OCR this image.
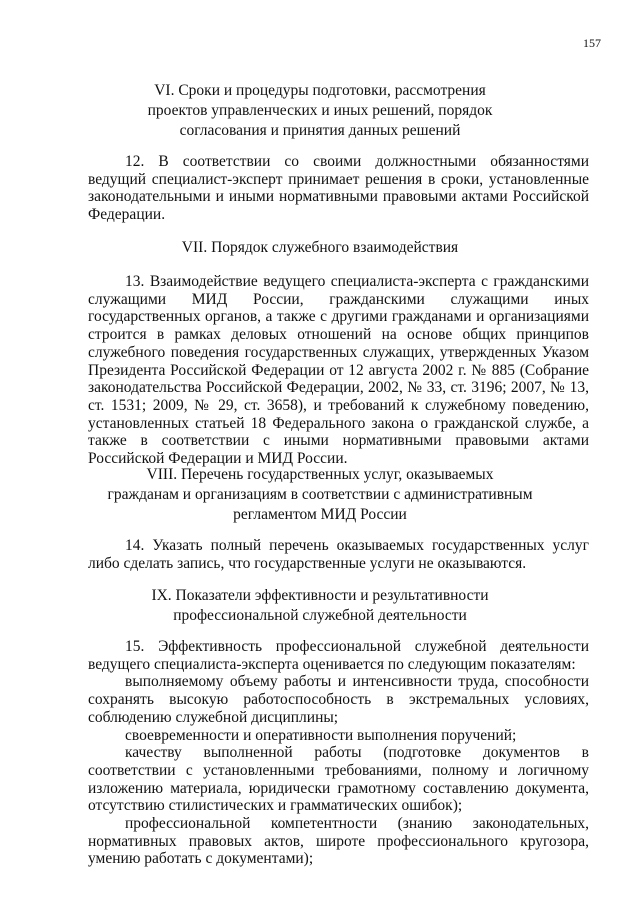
157
VI. Сроки и процедуры подготовки, рассмотрения
проектов управленческих и иных решений, порядок
согласования и принятия данных решений

12. В соответствии со своими должностными обязанностями ведущий специалист-эксперт принимает решения в сроки, установленные законодательными и иными нормативными правовыми актами Российской Федерации.

VII. Порядок служебного взаимодействия

13. Взаимодействие ведущего специалиста-эксперта с гражданскими служащими МИД России, гражданскими служащими иных государственных органов, а также с другими гражданами и организациями строится в рамках деловых отношений на основе общих принципов служебного поведения государственных служащих, утвержденных Указом Президента Российской Федерации от 12 августа 2002 г. № 885 (Собрание законодательства Российской Федерации, 2002, № 33, ст. 3196; 2007, № 13, ст. 1531; 2009, № 29, ст. 3658), и требований к служебному поведению, установленных статьей 18 Федерального закона о гражданской службе, а также в соответствии с иными нормативными правовыми актами Российской Федерации и МИД России.

VIII. Перечень государственных услуг, оказываемых
гражданам и организациям в соответствии с административным
регламентом МИД России

14. Указать полный перечень оказываемых государственных услуг либо сделать запись, что государственные услуги не оказываются.

IX. Показатели эффективности и результативности
профессиональной служебной деятельности

15. Эффективность профессиональной служебной деятельности ведущего специалиста-эксперта оценивается по следующим показателям:

выполняемому объему работы и интенсивности труда, способности сохранять высокую работоспособность в экстремальных условиях, соблюдению служебной дисциплины;

своевременности и оперативности выполнения поручений;

качеству выполненной работы (подготовке документов в соответствии с установленными требованиями, полному и логичному изложению материала, юридически грамотному составлению документа, отсутствию стилистических и грамматических ошибок);

профессиональной компетентности (знанию законодательных, нормативных правовых актов, широте профессионального кругозора, умению работать с документами);
